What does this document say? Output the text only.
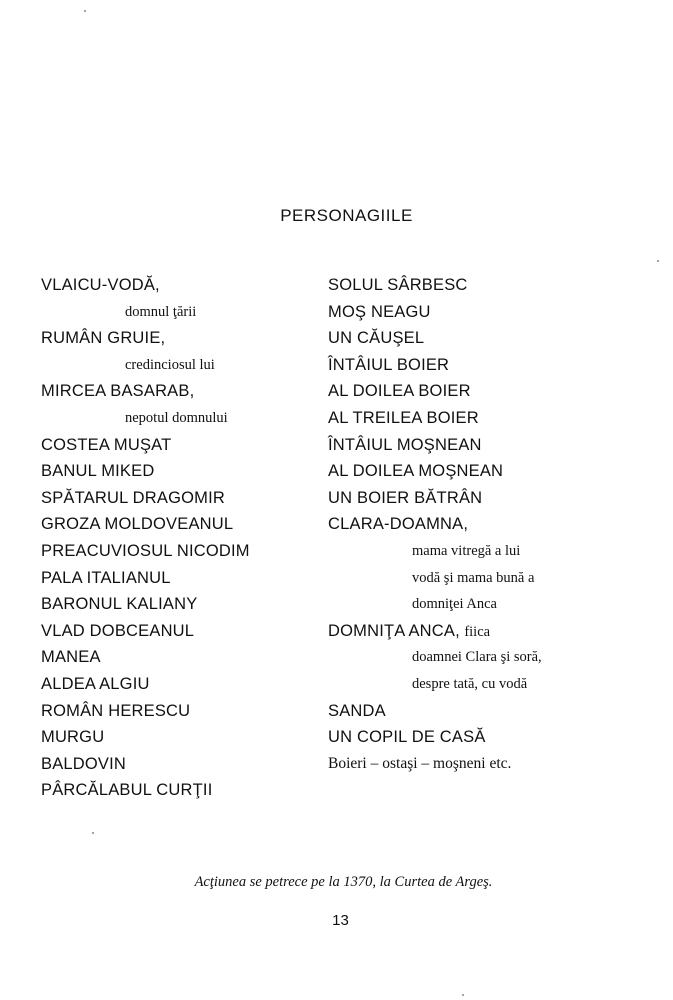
PERSONAGIILE
VLAICU-VODĂ,
domnul ţării
RUMÂN GRUIE,
credinciosul lui
MIRCEA BASARAB,
nepotul domnului
COSTEA MUŞAT
BANUL MIKED
SPĂTARUL DRAGOMIR
GROZA MOLDOVEANUL
PREACUVIOSUL NICODIM
PALA ITALIANUL
BARONUL KALIANY
VLAD DOBCEANUL
MANEA
ALDEA ALGIU
ROMÂN HERESCU
MURGU
BALDOVIN
PÂRCĂLABUL CURŢII
SOLUL SÂRBESC
MOŞ NEAGU
UN CĂUŞEL
ÎNTÂIUL BOIER
AL DOILEA BOIER
AL TREILEA BOIER
ÎNTÂIUL MOŞNEAN
AL DOILEA MOŞNEAN
UN BOIER BĂTRÂN
CLARA-DOAMNA,
mama vitregă a lui
vodă şi mama bună a
domniţei Anca
DOMNIŢA ANCA, fiica
doamnei Clara şi soră,
despre tată, cu vodă
SANDA
UN COPIL DE CASĂ
Boieri – ostaşi – moşneni etc.
Acţiunea se petrece pe la 1370, la Curtea de Argeş.
13
